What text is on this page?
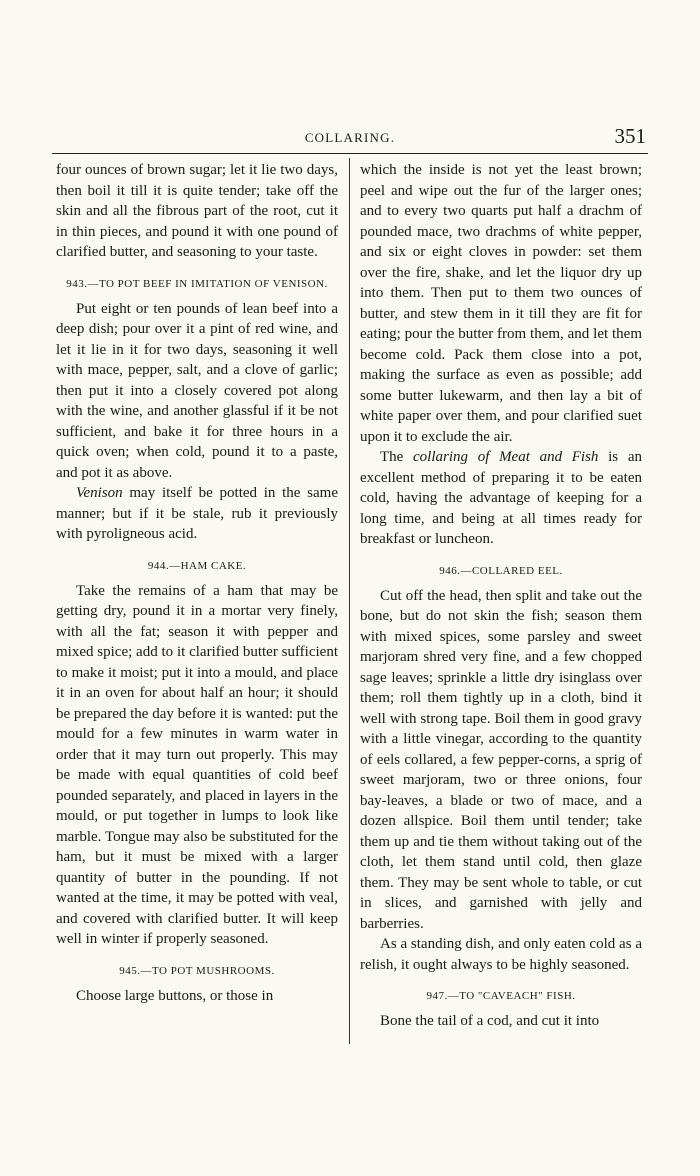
COLLARING.	351

four ounces of brown sugar; let it lie two days, then boil it till it is quite tender; take off the skin and all the fibrous part of the root, cut it in thin pieces, and pound it with one pound of clarified butter, and seasoning to your taste.

943.—TO POT BEEF IN IMITATION OF VENISON.

Put eight or ten pounds of lean beef into a deep dish; pour over it a pint of red wine, and let it lie in it for two days, seasoning it well with mace, pepper, salt, and a clove of garlic; then put it into a closely covered pot along with the wine, and another glassful if it be not sufficient, and bake it for three hours in a quick oven; when cold, pound it to a paste, and pot it as above.

Venison may itself be potted in the same manner; but if it be stale, rub it previously with pyroligneous acid.

944.—HAM CAKE.

Take the remains of a ham that may be getting dry, pound it in a mortar very finely, with all the fat; season it with pepper and mixed spice; add to it clarified butter sufficient to make it moist; put it into a mould, and place it in an oven for about half an hour; it should be prepared the day before it is wanted: put the mould for a few minutes in warm water in order that it may turn out properly. This may be made with equal quantities of cold beef pounded separately, and placed in layers in the mould, or put together in lumps to look like marble. Tongue may also be substituted for the ham, but it must be mixed with a larger quantity of butter in the pounding. If not wanted at the time, it may be potted with veal, and covered with clarified butter. It will keep well in winter if properly seasoned.

945.—TO POT MUSHROOMS.

Choose large buttons, or those in

which the inside is not yet the least brown; peel and wipe out the fur of the larger ones; and to every two quarts put half a drachm of pounded mace, two drachms of white pepper, and six or eight cloves in powder: set them over the fire, shake, and let the liquor dry up into them. Then put to them two ounces of butter, and stew them in it till they are fit for eating; pour the butter from them, and let them become cold. Pack them close into a pot, making the surface as even as possible; add some butter lukewarm, and then lay a bit of white paper over them, and pour clarified suet upon it to exclude the air.

The collaring of Meat and Fish is an excellent method of preparing it to be eaten cold, having the advantage of keeping for a long time, and being at all times ready for breakfast or luncheon.

946.—COLLARED EEL.

Cut off the head, then split and take out the bone, but do not skin the fish; season them with mixed spices, some parsley and sweet marjoram shred very fine, and a few chopped sage leaves; sprinkle a little dry isinglass over them; roll them tightly up in a cloth, bind it well with strong tape. Boil them in good gravy with a little vinegar, according to the quantity of eels collared, a few pepper-corns, a sprig of sweet marjoram, two or three onions, four bay-leaves, a blade or two of mace, and a dozen allspice. Boil them until tender; take them up and tie them without taking out of the cloth, let them stand until cold, then glaze them. They may be sent whole to table, or cut in slices, and garnished with jelly and barberries.

As a standing dish, and only eaten cold as a relish, it ought always to be highly seasoned.

947.—TO "CAVEACH" FISH.

Bone the tail of a cod, and cut it into
